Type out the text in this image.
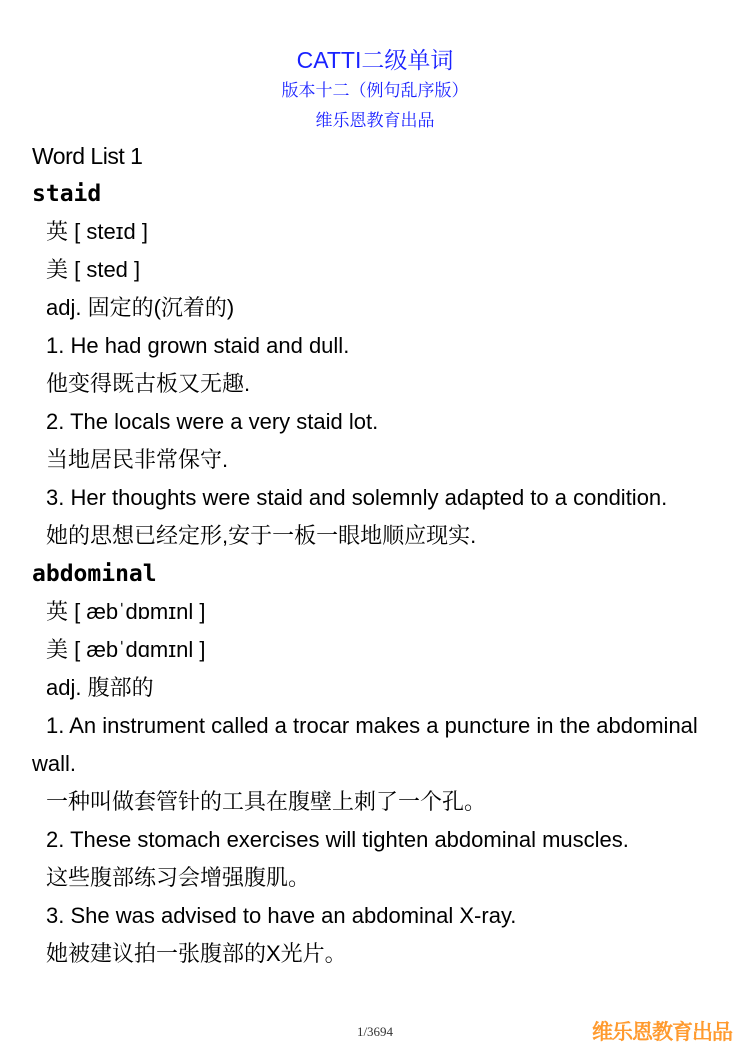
CATTI二级单词
版本十二（例句乱序版）
维乐恩教育出品
Word List 1
staid
英 [ steɪd ]
美 [ sted ]
adj. 固定的(沉着的)
1. He had grown staid and dull.
他变得既古板又无趣.
2. The locals were a very staid lot.
当地居民非常保守.
3. Her thoughts were staid and solemnly adapted to a condition.
她的思想已经定形,安于一板一眼地顺应现实.
abdominal
英 [ æbˈdɒmɪnl ]
美 [ æbˈdɑmɪnl ]
adj. 腹部的
1. An instrument called a trocar makes a puncture in the abdominal wall.
一种叫做套管针的工具在腹壁上刺了一个孔。
2. These stomach exercises will tighten abdominal muscles.
这些腹部练习会增强腹肌。
3. She was advised to have an abdominal X-ray.
她被建议拍一张腹部的X光片。
1/3694	维乐恩教育出品
